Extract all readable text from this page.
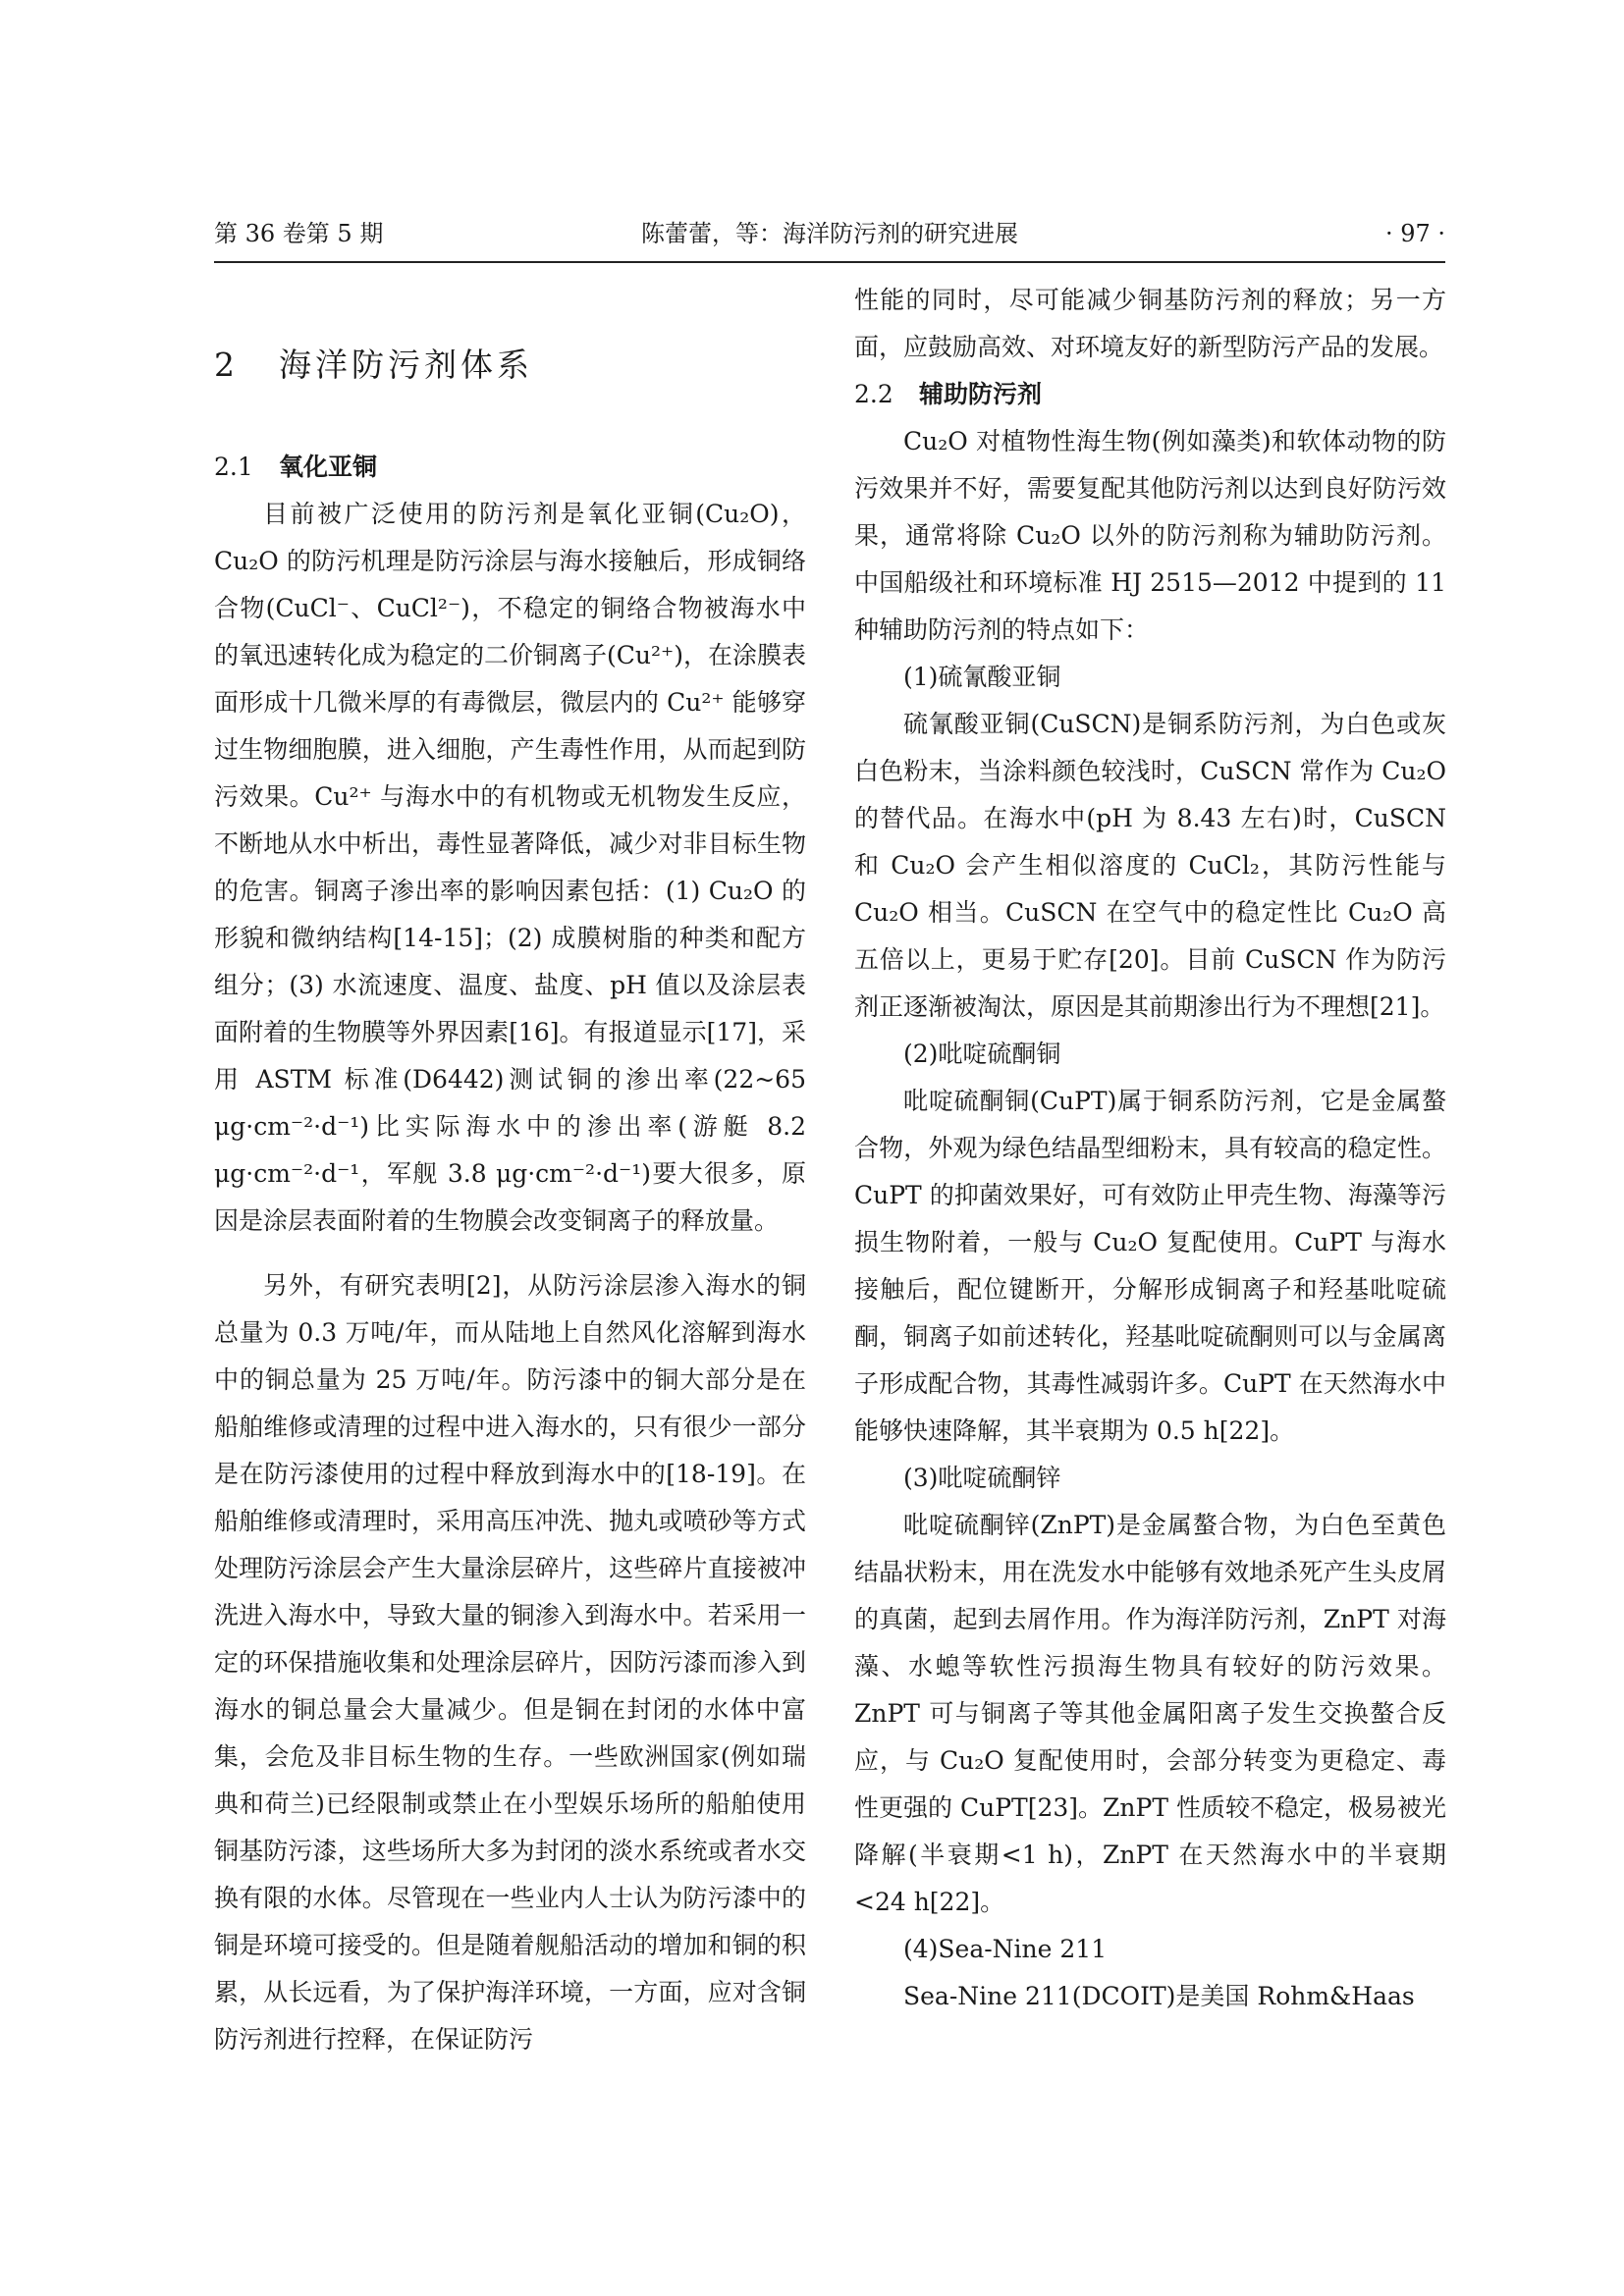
第 36 卷第 5 期	陈蕾蕾，等：海洋防污剂的研究进展	· 97 ·
2 海洋防污剂体系
2.1 氧化亚铜

目前被广泛使用的防污剂是氧化亚铜(Cu₂O)，Cu₂O 的防污机理是防污涂层与海水接触后，形成铜络合物(CuCl⁻、CuCl²⁻)，不稳定的铜络合物被海水中的氧迅速转化成为稳定的二价铜离子(Cu²⁺)，在涂膜表面形成十几微米厚的有毒微层，微层内的 Cu²⁺ 能够穿过生物细胞膜，进入细胞，产生毒性作用，从而起到防污效果。Cu²⁺ 与海水中的有机物或无机物发生反应，不断地从水中析出，毒性显著降低，减少对非目标生物的危害。铜离子渗出率的影响因素包括：(1) Cu₂O 的形貌和微纳结构[14-15]；(2) 成膜树脂的种类和配方组分；(3) 水流速度、温度、盐度、pH 值以及涂层表面附着的生物膜等外界因素[16]。有报道显示[17]，采用 ASTM 标准(D6442)测试铜的渗出率(22~65 μg·cm⁻²·d⁻¹)比实际海水中的渗出率(游艇 8.2 μg·cm⁻²·d⁻¹，军舰 3.8 μg·cm⁻²·d⁻¹)要大很多，原因是涂层表面附着的生物膜会改变铜离子的释放量。

另外，有研究表明[2]，从防污涂层渗入海水的铜总量为 0.3 万吨/年，而从陆地上自然风化溶解到海水中的铜总量为 25 万吨/年。防污漆中的铜大部分是在船舶维修或清理的过程中进入海水的，只有很少一部分是在防污漆使用的过程中释放到海水中的[18-19]。在船舶维修或清理时，采用高压冲洗、抛丸或喷砂等方式处理防污涂层会产生大量涂层碎片，这些碎片直接被冲洗进入海水中，导致大量的铜渗入到海水中。若采用一定的环保措施收集和处理涂层碎片，因防污漆而渗入到海水的铜总量会大量减少。但是铜在封闭的水体中富集，会危及非目标生物的生存。一些欧洲国家(例如瑞典和荷兰)已经限制或禁止在小型娱乐场所的船舶使用铜基防污漆，这些场所大多为封闭的淡水系统或者水交换有限的水体。尽管现在一些业内人士认为防污漆中的铜是环境可接受的。但是随着舰船活动的增加和铜的积累，从长远看，为了保护海洋环境，一方面，应对含铜防污剂进行控释，在保证防污

性能的同时，尽可能减少铜基防污剂的释放；另一方面，应鼓励高效、对环境友好的新型防污产品的发展。

2.2 辅助防污剂

Cu₂O 对植物性海生物(例如藻类)和软体动物的防污效果并不好，需要复配其他防污剂以达到良好防污效果，通常将除 Cu₂O 以外的防污剂称为辅助防污剂。中国船级社和环境标准 HJ 2515—2012 中提到的 11 种辅助防污剂的特点如下：

(1)硫氰酸亚铜

硫氰酸亚铜(CuSCN)是铜系防污剂，为白色或灰白色粉末，当涂料颜色较浅时，CuSCN 常作为 Cu₂O 的替代品。在海水中(pH 为 8.43 左右)时，CuSCN 和 Cu₂O 会产生相似溶度的 CuCl₂，其防污性能与 Cu₂O 相当。CuSCN 在空气中的稳定性比 Cu₂O 高五倍以上，更易于贮存[20]。目前 CuSCN 作为防污剂正逐渐被淘汰，原因是其前期渗出行为不理想[21]。

(2)吡啶硫酮铜

吡啶硫酮铜(CuPT)属于铜系防污剂，它是金属螯合物，外观为绿色结晶型细粉末，具有较高的稳定性。CuPT 的抑菌效果好，可有效防止甲壳生物、海藻等污损生物附着，一般与 Cu₂O 复配使用。CuPT 与海水接触后，配位键断开，分解形成铜离子和羟基吡啶硫酮，铜离子如前述转化，羟基吡啶硫酮则可以与金属离子形成配合物，其毒性减弱许多。CuPT 在天然海水中能够快速降解，其半衰期为 0.5 h[22]。

(3)吡啶硫酮锌

吡啶硫酮锌(ZnPT)是金属螯合物，为白色至黄色结晶状粉末，用在洗发水中能够有效地杀死产生头皮屑的真菌，起到去屑作用。作为海洋防污剂，ZnPT 对海藻、水螅等软性污损海生物具有较好的防污效果。ZnPT 可与铜离子等其他金属阳离子发生交换螯合反应，与 Cu₂O 复配使用时，会部分转变为更稳定、毒性更强的 CuPT[23]。ZnPT 性质较不稳定，极易被光降解(半衰期<1 h)，ZnPT 在天然海水中的半衰期<24 h[22]。

(4)Sea-Nine 211

Sea-Nine 211(DCOIT)是美国 Rohm&Haas
